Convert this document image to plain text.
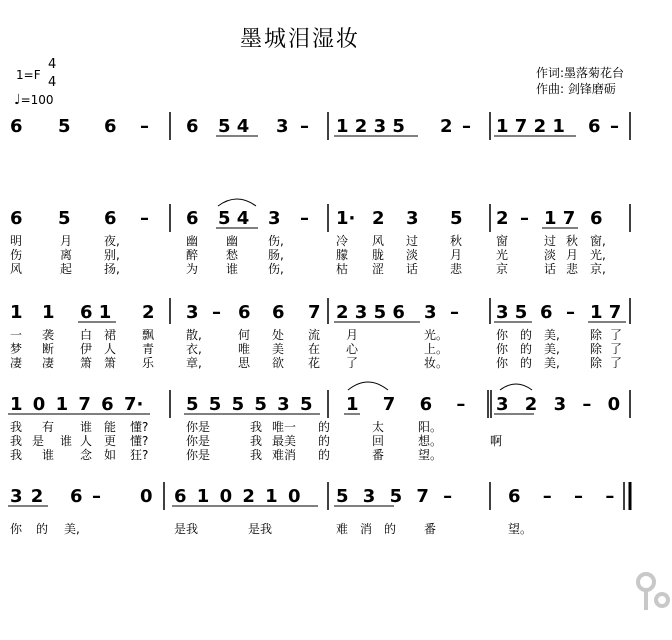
墨城泪湿妆
1=F
4
4
♩=100
作词:墨落菊花台
作曲: 剑锋磨砺
6 5 6 – 6 5 4 3 – 1 2 3 5 2 – 1 7 2 1 6 –
6 5 6 – 6 5 4 3 – 1· 2 3 5 2 – 1 7 6
明	月	夜,	幽 幽 伤,	冷 风 过	秋	窗	过 秋 窗,
伤	离	别,	醉 愁 肠,	朦 胧 淡	月	光	淡 月 光,
风	起	扬,	为 谁 伤,	枯 涩 话	悲	京	话 悲 京,
1 1 6 1 2 3 – 6 6 7 2 3 5 6 3 – 3 5 6 – 1 7
一 袭 白 裙 飘	散,	何 处 流 月	光。	你 的 美,	除 了
梦 断 伊 人 青	衣,	唯 美 在 心	上。	你 的 美,	除 了
凄 凄 箫 箫 乐	章,	思 欲 花 了	妆。	你 的 美,	除 了
1 0 1 7 6 7· 5 5 5 5 3 5 1 7 6 – 3 2 3 – 0
我 有 谁 能 懂?	你是	我 唯一 的	太	阳。
我 是 谁 人 更 懂?	你是	我 最美 的	回	想。	啊
我 谁 念 如 狂?	你是	我 难消 的	番	望。
3 2 6 – 0 6 1 0 2 1 0 5 3 5 7 –	6 – – –
你 的 美,	是我	是我	难消的 番	望。
